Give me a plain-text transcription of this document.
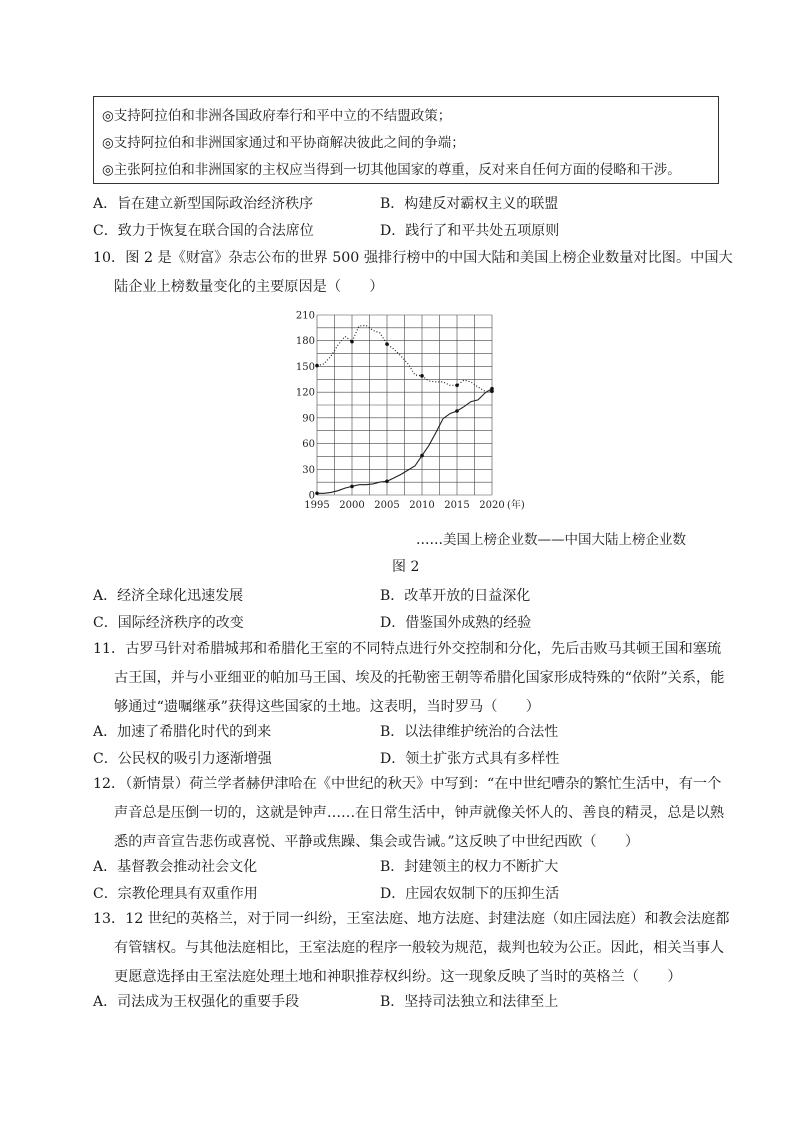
◎支持阿拉伯和非洲各国政府奉行和平中立的不结盟政策；
◎支持阿拉伯和非洲国家通过和平协商解决彼此之间的争端；
◎主张阿拉伯和非洲国家的主权应当得到一切其他国家的尊重，反对来自任何方面的侵略和干涉。
A．旨在建立新型国际政治经济秩序	B．构建反对霸权主义的联盟
C．致力于恢复在联合国的合法席位	D．践行了和平共处五项原则
10．图 2 是《财富》杂志公布的世界 500 强排行榜中的中国大陆和美国上榜企业数量对比图。中国大陆企业上榜数量变化的主要原因是（　　）
0
30
60
90
120
150
180
210
1995 2000 2005 2010 2015 2020 (年)
……美国上榜企业数——中国大陆上榜企业数
图 2
A．经济全球化迅速发展	B．改革开放的日益深化
C．国际经济秩序的改变	D．借鉴国外成熟的经验
11．古罗马针对希腊城邦和希腊化王室的不同特点进行外交控制和分化，先后击败马其顿王国和塞琉古王国，并与小亚细亚的帕加马王国、埃及的托勒密王朝等希腊化国家形成特殊的“依附”关系，能够通过“遗嘱继承”获得这些国家的土地。这表明，当时罗马（　　）
A．加速了希腊化时代的到来	B．以法律维护统治的合法性
C．公民权的吸引力逐渐增强	D．领土扩张方式具有多样性
12．（新情景）荷兰学者赫伊津哈在《中世纪的秋天》中写到：“在中世纪嘈杂的繁忙生活中，有一个声音总是压倒一切的，这就是钟声……在日常生活中，钟声就像关怀人的、善良的精灵，总是以熟悉的声音宣告悲伤或喜悦、平静或焦躁、集会或告诫。”这反映了中世纪西欧（　　）
A．基督教会推动社会文化	B．封建领主的权力不断扩大
C．宗教伦理具有双重作用	D．庄园农奴制下的压抑生活
13．12 世纪的英格兰，对于同一纠纷，王室法庭、地方法庭、封建法庭（如庄园法庭）和教会法庭都有管辖权。与其他法庭相比，王室法庭的程序一般较为规范，裁判也较为公正。因此，相关当事人更愿意选择由王室法庭处理土地和神职推荐权纠纷。这一现象反映了当时的英格兰（　　）
A．司法成为王权强化的重要手段	B．坚持司法独立和法律至上
